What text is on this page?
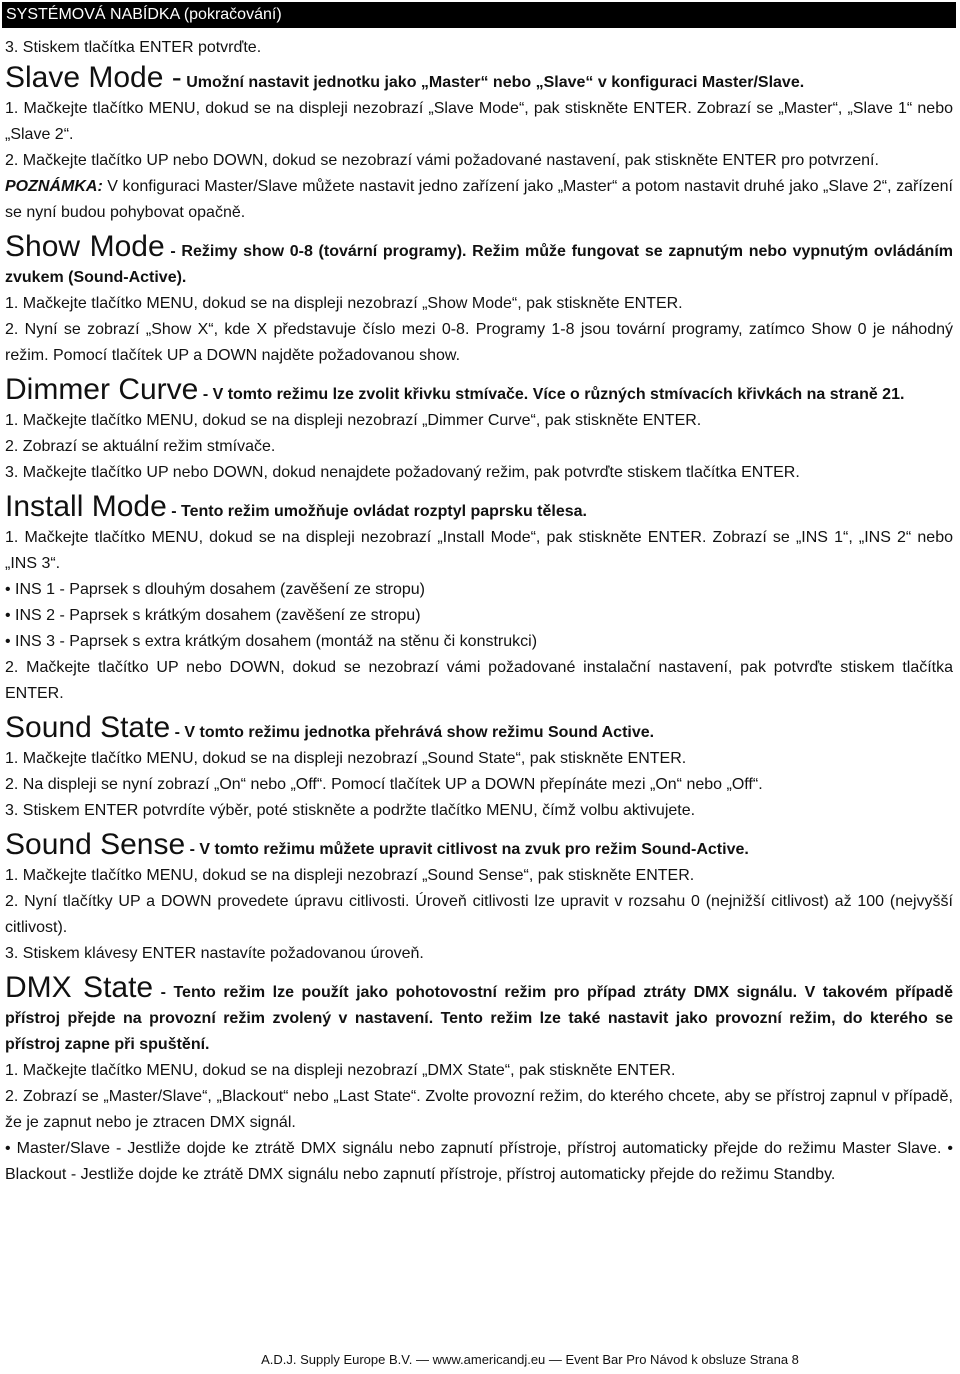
SYSTÉMOVÁ NABÍDKA (pokračování)

3. Stiskem tlačítka ENTER potvrďte.

Slave Mode - Umožní nastavit jednotku jako „Master“ nebo „Slave“ v konfiguraci Master/Slave.

1. Mačkejte tlačítko MENU, dokud se na displeji nezobrazí „Slave Mode“, pak stiskněte ENTER. Zobrazí se „Master“, „Slave 1“ nebo „Slave 2“.

2. Mačkejte tlačítko UP nebo DOWN, dokud se nezobrazí vámi požadované nastavení, pak stiskněte ENTER pro potvrzení.

POZNÁMKA: V konfiguraci Master/Slave můžete nastavit jedno zařízení jako „Master“ a potom nastavit druhé jako „Slave 2“, zařízení se nyní budou pohybovat opačně.

Show Mode - Režimy show 0-8 (tovární programy). Režim může fungovat se zapnutým nebo vypnutým ovládáním zvukem (Sound-Active).

1. Mačkejte tlačítko MENU, dokud se na displeji nezobrazí „Show Mode“, pak stiskněte ENTER.

2. Nyní se zobrazí „Show X“, kde X představuje číslo mezi 0-8. Programy 1-8 jsou tovární programy, zatímco Show 0 je náhodný režim. Pomocí tlačítek UP a DOWN najděte požadovanou show.

Dimmer Curve - V tomto režimu lze zvolit křivku stmívače. Více o různých stmívacích křivkách na straně 21.

1. Mačkejte tlačítko MENU, dokud se na displeji nezobrazí „Dimmer Curve“, pak stiskněte ENTER.

2. Zobrazí se aktuální režim stmívače.

3. Mačkejte tlačítko UP nebo DOWN, dokud nenajdete požadovaný režim, pak potvrďte stiskem tlačítka ENTER.

Install Mode - Tento režim umožňuje ovládat rozptyl paprsku tělesa.

1. Mačkejte tlačítko MENU, dokud se na displeji nezobrazí „Install Mode“, pak stiskněte ENTER. Zobrazí se „INS 1“, „INS 2“ nebo „INS 3“.

• INS 1 - Paprsek s dlouhým dosahem (zavěšení ze stropu)

• INS 2 - Paprsek s krátkým dosahem (zavěšení ze stropu)

• INS 3 - Paprsek s extra krátkým dosahem (montáž na stěnu či konstrukci)

2. Mačkejte tlačítko UP nebo DOWN, dokud se nezobrazí vámi požadované instalační nastavení, pak potvrďte stiskem tlačítka ENTER.

Sound State - V tomto režimu jednotka přehrává show režimu Sound Active.

1. Mačkejte tlačítko MENU, dokud se na displeji nezobrazí „Sound State“, pak stiskněte ENTER.

2. Na displeji se nyní zobrazí „On“ nebo „Off“. Pomocí tlačítek UP a DOWN přepínáte mezi „On“ nebo „Off“.

3. Stiskem ENTER potvrdíte výběr, poté stiskněte a podržte tlačítko MENU, čímž volbu aktivujete.

Sound Sense - V tomto režimu můžete upravit citlivost na zvuk pro režim Sound-Active.

1. Mačkejte tlačítko MENU, dokud se na displeji nezobrazí „Sound Sense“, pak stiskněte ENTER.

2. Nyní tlačítky UP a DOWN provedete úpravu citlivosti. Úroveň citlivosti lze upravit v rozsahu 0 (nejnižší citlivost) až 100 (nejvyšší citlivost).

3. Stiskem klávesy ENTER nastavíte požadovanou úroveň.

DMX State - Tento režim lze použít jako pohotovostní režim pro případ ztráty DMX signálu. V takovém případě přístroj přejde na provozní režim zvolený v nastavení. Tento režim lze také nastavit jako provozní režim, do kterého se přístroj zapne při spuštění.

1. Mačkejte tlačítko MENU, dokud se na displeji nezobrazí „DMX State“, pak stiskněte ENTER.

2. Zobrazí se „Master/Slave“, „Blackout“ nebo „Last State“. Zvolte provozní režim, do kterého chcete, aby se přístroj zapnul v případě, že je zapnut nebo je ztracen DMX signál.

• Master/Slave - Jestliže dojde ke ztrátě DMX signálu nebo zapnutí přístroje, přístroj automaticky přejde do režimu Master Slave. • Blackout - Jestliže dojde ke ztrátě DMX signálu nebo zapnutí přístroje, přístroj automaticky přejde do režimu Standby.

A.D.J. Supply Europe B.V. — www.americandj.eu — Event Bar Pro Návod k obsluze Strana 8
